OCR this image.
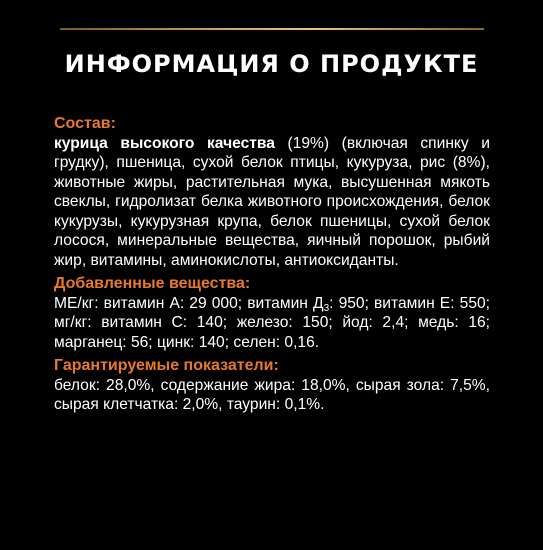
ИНФОРМАЦИЯ О ПРОДУКТЕ
Состав:
курица высокого качества (19%) (включая спинку и грудку), пшеница, сухой белок птицы, кукуруза, рис (8%), животные жиры, растительная мука, высушенная мякоть свеклы, гидролизат белка животного происхождения, белок кукурузы, кукурузная крупа, белок пшеницы, сухой белок лосося, минеральные вещества, яичный порошок, рыбий жир, витамины, аминокислоты, антиоксиданты.
Добавленные вещества:
МЕ/кг: витамин А: 29 000; витамин $Д_3$: 950; витамин Е: 550; мг/кг: витамин С: 140; железо: 150; йод: 2,4; медь: 16; марганец: 56; цинк: 140; селен: 0,16.
Гарантируемые показатели:
белок: 28,0%, содержание жира: 18,0%, сырая зола: 7,5%, сырая клетчатка: 2,0%, таурин: 0,1%.
